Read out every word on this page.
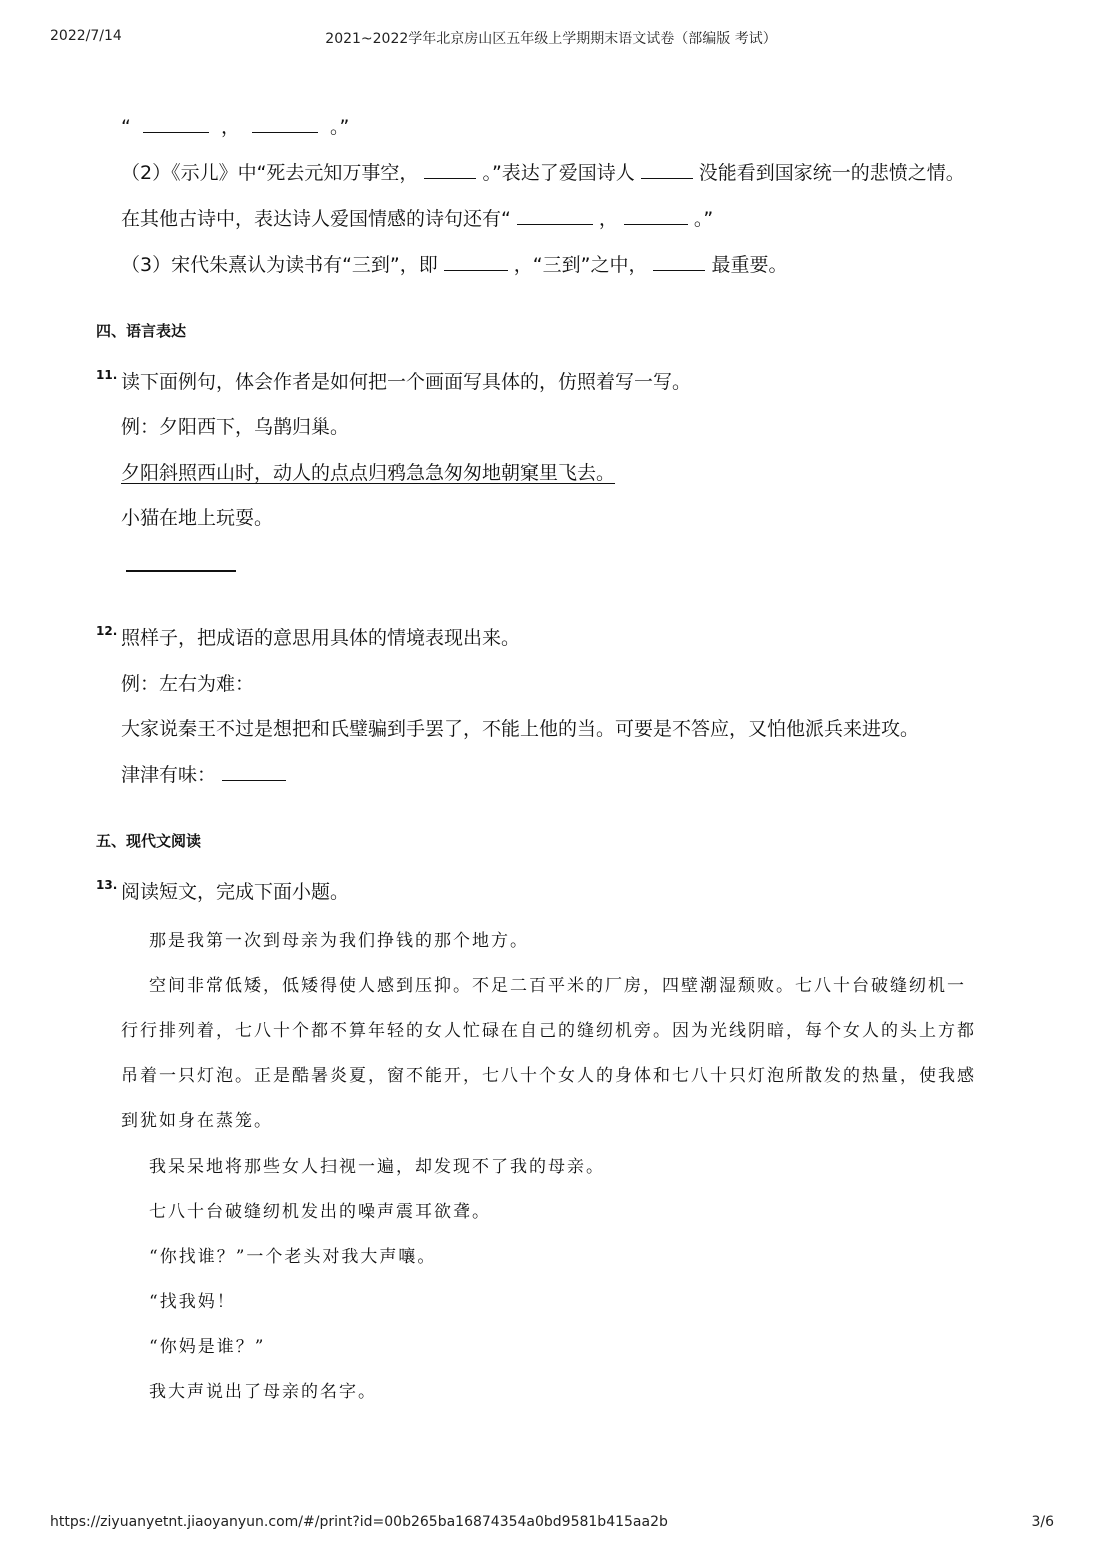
2022/7/14	2021~2022学年北京房山区五年级上学期期末语文试卷（部编版 考试）
“	，	。”
（2）《示儿》中“死去元知万事空，	。”表达了爱国诗人	没能看到国家统一的悲愤之情。
在其他古诗中，表达诗人爱国情感的诗句还有“	，	。”
（3）宋代朱熹认为读书有“三到”，即	，“三到”之中，	最重要。
四、语言表达
11. 读下面例句，体会作者是如何把一个画面写具体的，仿照着写一写。
例：夕阳西下，乌鹊归巢。
夕阳斜照西山时，动人的点点归鸦急急匆匆地朝窠里飞去。
小猫在地上玩耍。
12. 照样子，把成语的意思用具体的情境表现出来。
例：左右为难：
大家说秦王不过是想把和氏璧骗到手罢了，不能上他的当。可要是不答应，又怕他派兵来进攻。
津津有味：
五、现代文阅读
13. 阅读短文，完成下面小题。
那是我第一次到母亲为我们挣钱的那个地方。
空间非常低矮，低矮得使人感到压抑。不足二百平米的厂房，四壁潮湿颓败。七八十台破缝纫机一
行行排列着，七八十个都不算年轻的女人忙碌在自己的缝纫机旁。因为光线阴暗，每个女人的头上方都
吊着一只灯泡。正是酷暑炎夏，窗不能开，七八十个女人的身体和七八十只灯泡所散发的热量，使我感
到犹如身在蒸笼。
我呆呆地将那些女人扫视一遍，却发现不了我的母亲。
七八十台破缝纫机发出的噪声震耳欲聋。
“你找谁？”一个老头对我大声嚷。
“找我妈！
“你妈是谁？”
我大声说出了母亲的名字。
https://ziyuanyetnt.jiaoyanyun.com/#/print?id=00b265ba16874354a0bd9581b415aa2b	3/6
